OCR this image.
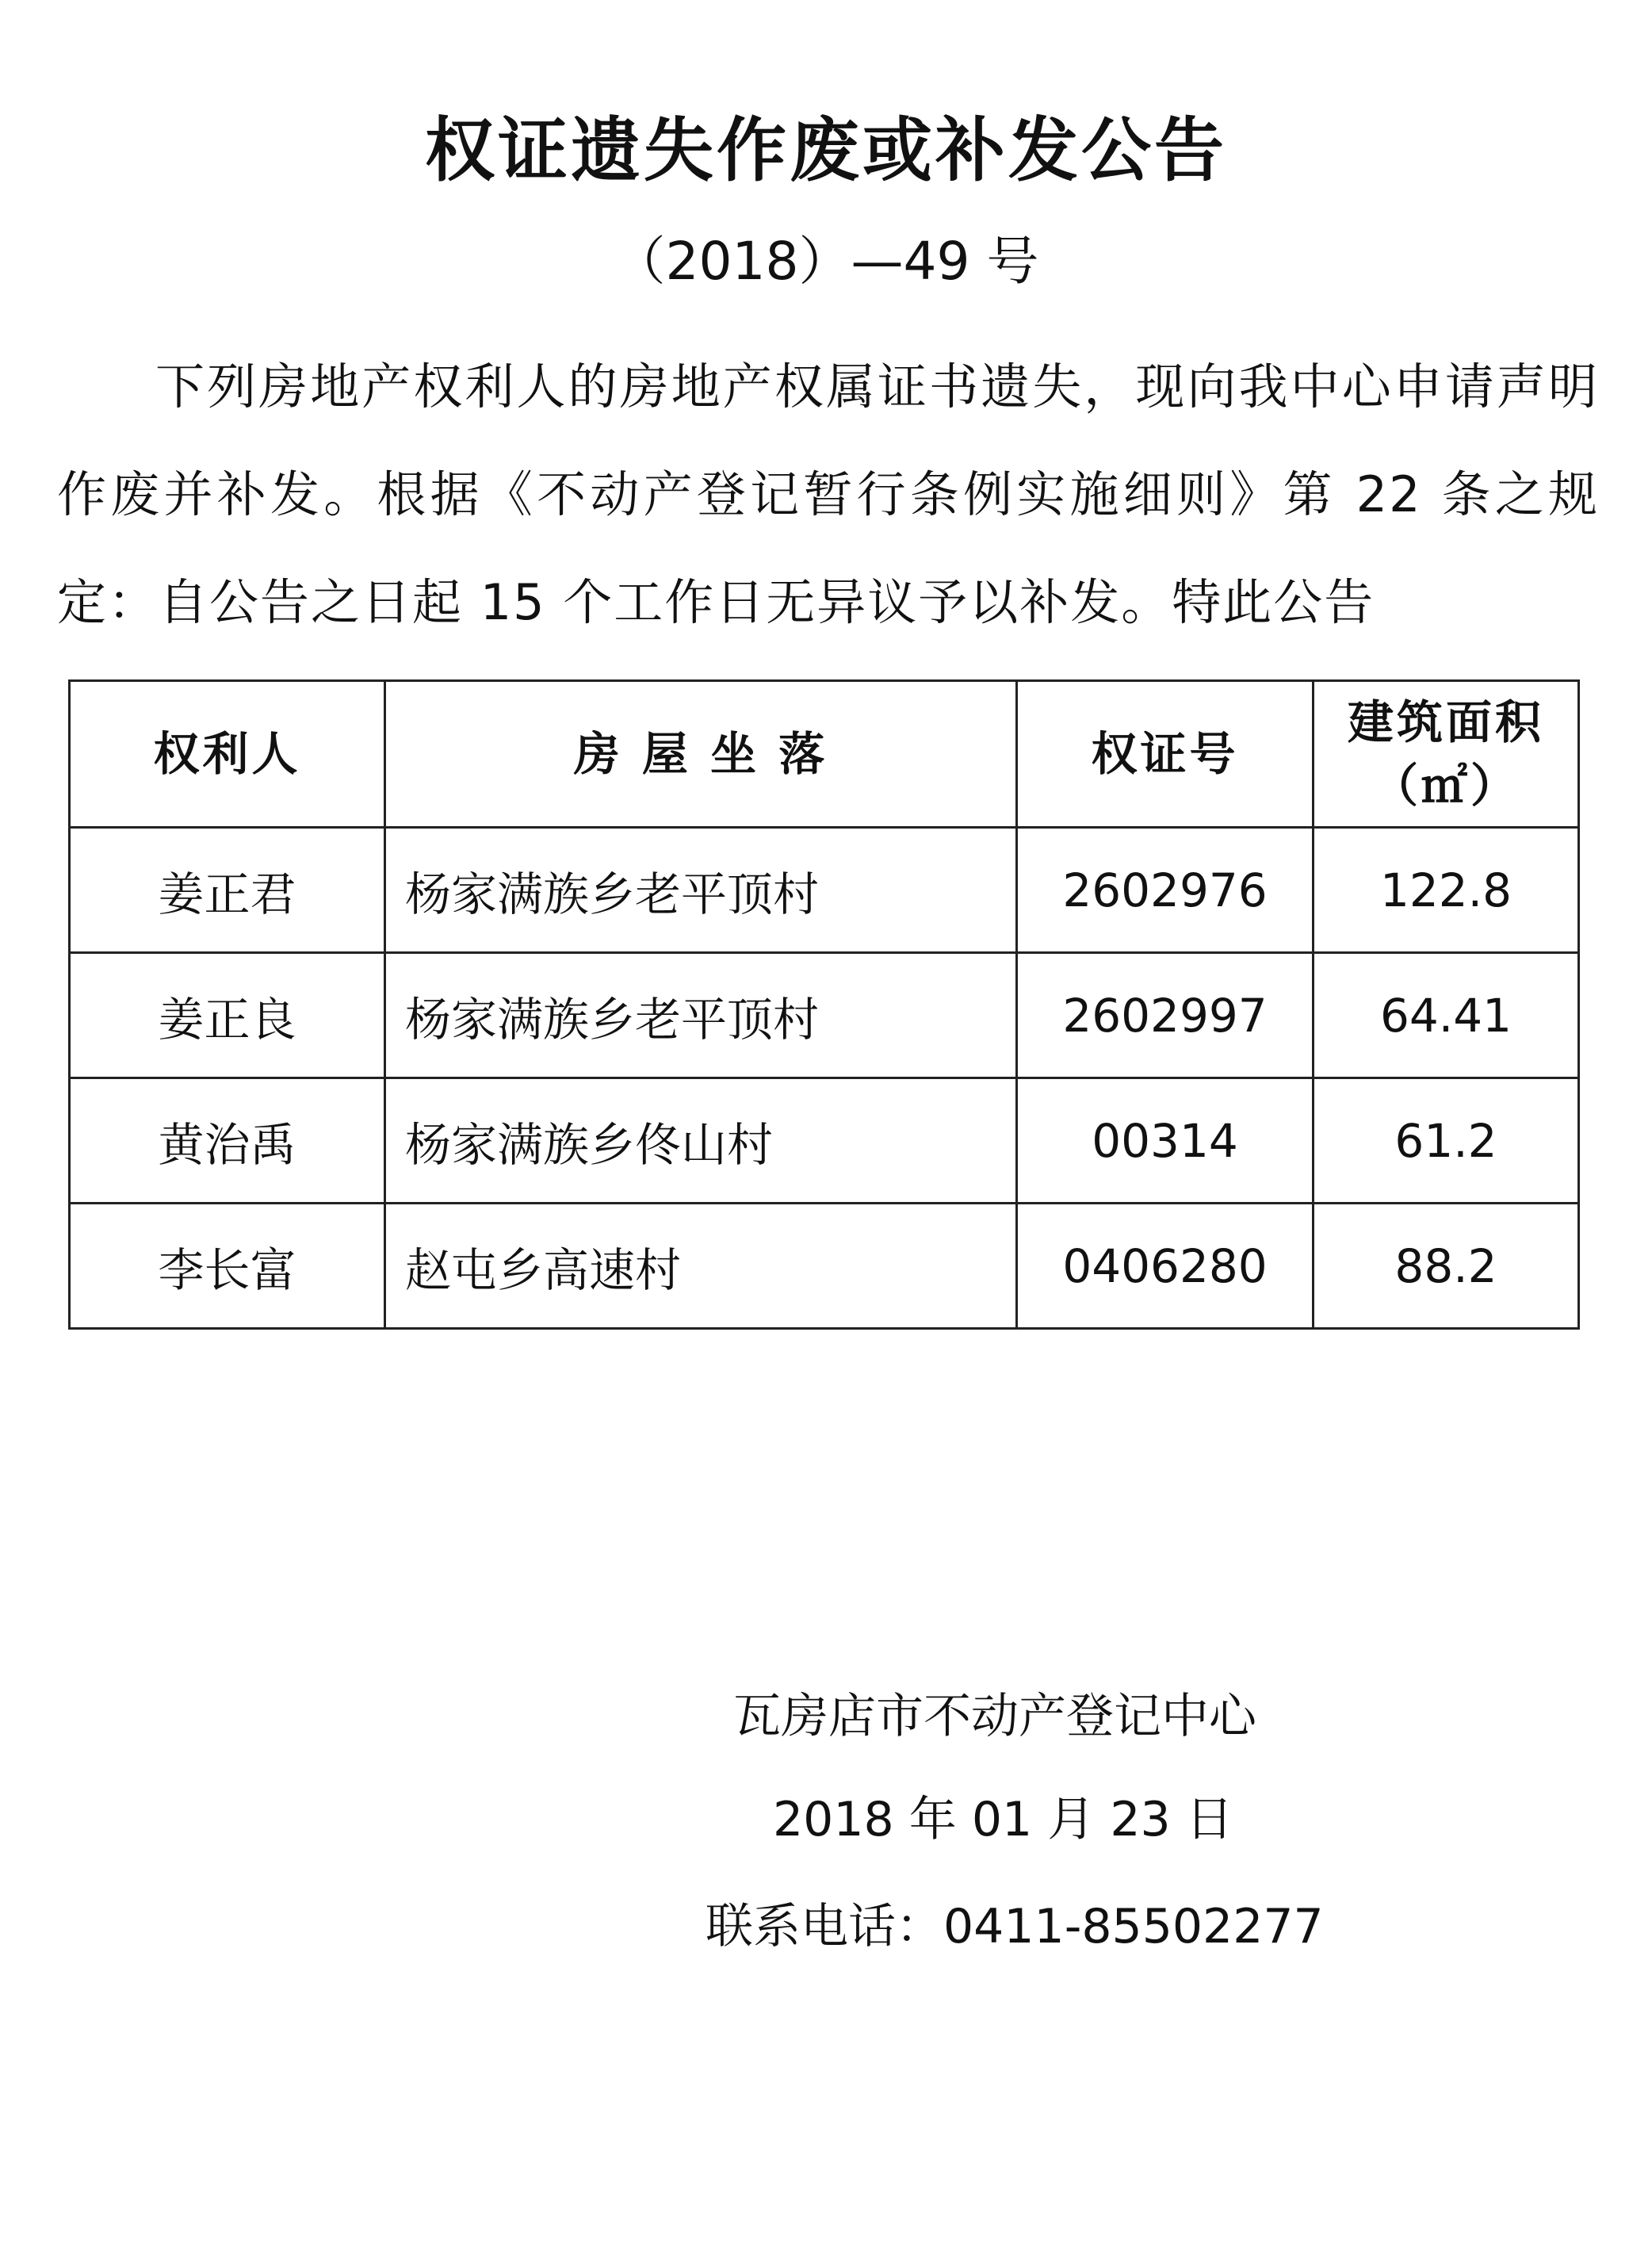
权证遗失作废或补发公告
（2018）—49 号
下列房地产权利人的房地产权属证书遗失，现向我中心申请声明作废并补发。根据《不动产登记暂行条例实施细则》第 22 条之规定：自公告之日起 15 个工作日无异议予以补发。特此公告
权利人	房 屋 坐 落	权证号	建筑面积
（㎡）

姜正君	杨家满族乡老平顶村	2602976	122.8
姜正良	杨家满族乡老平顶村	2602997	64.41
黄治禹	杨家满族乡佟山村	00314	61.2
李长富	赵屯乡高速村	0406280	88.2
瓦房店市不动产登记中心
2018 年 01 月 23 日
联系电话：0411-85502277
